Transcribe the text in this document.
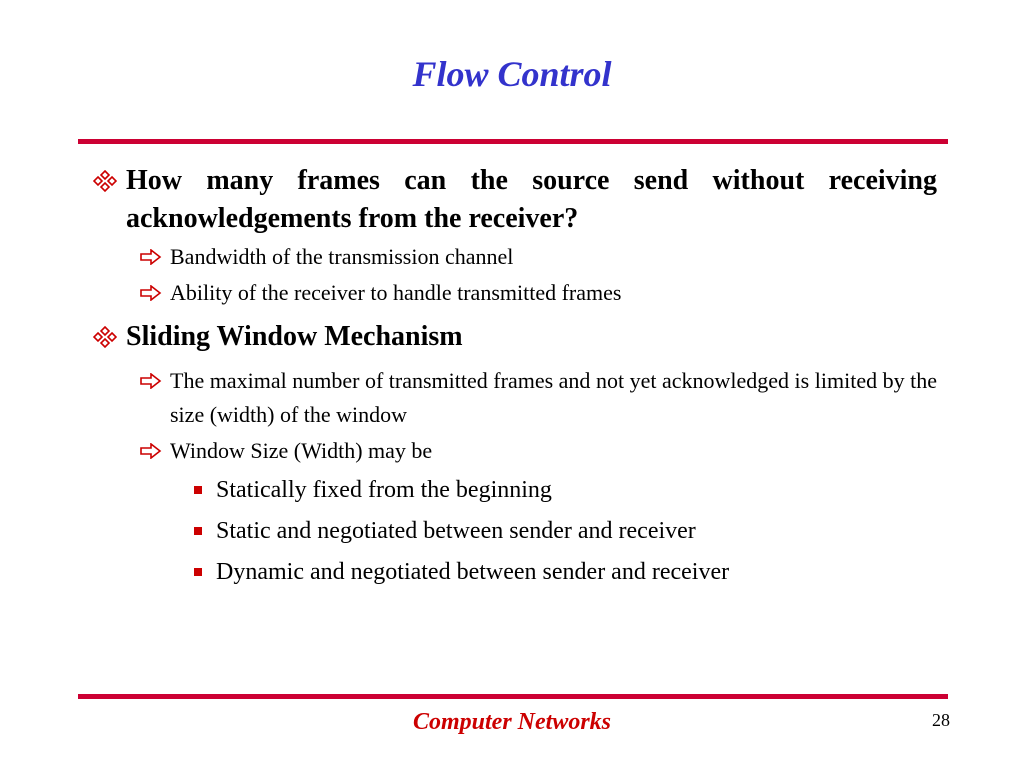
Flow Control
How many frames can the source send without receiving acknowledgements from the receiver?
Bandwidth of the transmission channel
Ability of the receiver to handle transmitted frames
Sliding Window Mechanism
The maximal number of transmitted frames and not yet acknowledged is limited by the size (width) of the window
Window Size (Width) may be
Statically fixed from the beginning
Static and negotiated between sender and receiver
Dynamic and negotiated between sender and receiver
Computer Networks	28
